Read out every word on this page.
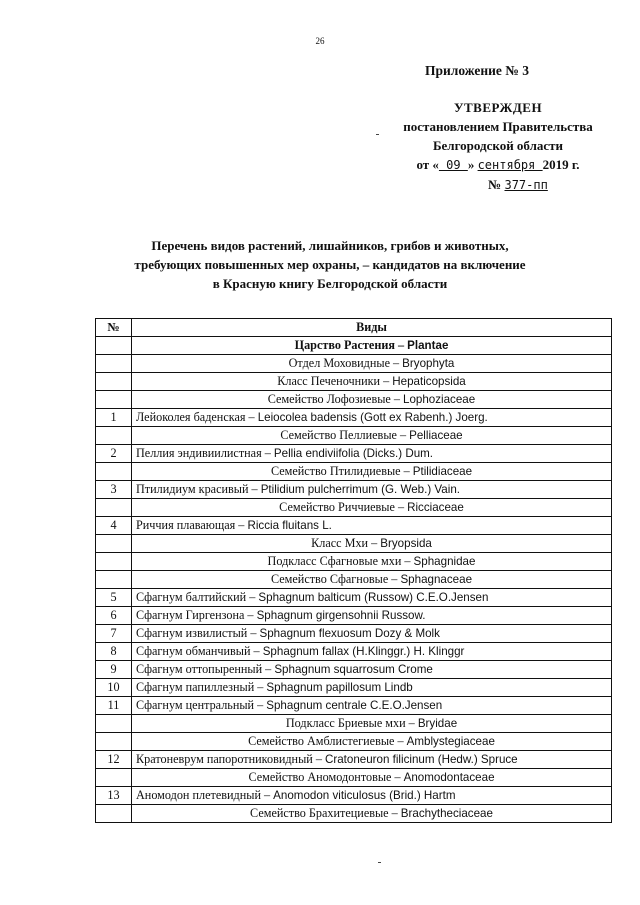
26
Приложение № 3
УТВЕРЖДЕН
постановлением Правительства
Белгородской области
от « 09 » сентября 2019 г.
№ 377-пп
Перечень видов растений, лишайников, грибов и животных,
требующих повышенных мер охраны, – кандидатов на включение
в Красную книгу Белгородской области
№	Виды
	Царство Растения – Plantae
	Отдел Моховидные – Bryophyta
	Класс Печеночники – Hepaticopsida
	Семейство Лофозиевые – Lophoziaceae
1	Лейоколея баденская – Leiocolea badensis (Gott ex Rabenh.) Joerg.
	Семейство Пеллиевые – Pelliaceae
2	Пеллия эндивиилистная – Pellia endiviifolia (Dicks.) Dum.
	Семейство Птилидиевые – Ptilidiaceae
3	Птилидиум красивый – Ptilidium pulcherrimum (G. Web.) Vain.
	Семейство Риччиевые – Ricciaceae
4	Риччия плавающая – Riccia fluitans L.
	Класс Мхи – Bryopsida
	Подкласс Сфагновые мхи – Sphagnidae
	Семейство Сфагновые – Sphagnaceae
5	Сфагнум балтийский – Sphagnum balticum (Russow) C.E.O.Jensen
6	Сфагнум Гиргензона – Sphagnum girgensohnii Russow.
7	Сфагнум извилистый – Sphagnum flexuosum Dozy & Molk
8	Сфагнум обманчивый – Sphagnum fallax (H.Klinggr.) H. Klinggr
9	Сфагнум оттопыренный – Sphagnum squarrosum Crome
10	Сфагнум папиллезный – Sphagnum papillosum Lindb
11	Сфагнум центральный – Sphagnum centrale C.E.O.Jensen
	Подкласс Бриевые мхи – Bryidae
	Семейство Амблистегиевые – Amblystegiaceae
12	Кратоневрум папоротниковидный – Cratoneuron filicinum (Hedw.) Spruce
	Семейство Аномодонтовые – Anomodontaceae
13	Аномодон плетевидный – Anomodon viticulosus (Brid.) Hartm
	Семейство Брахитециевые – Brachytheciaceae
